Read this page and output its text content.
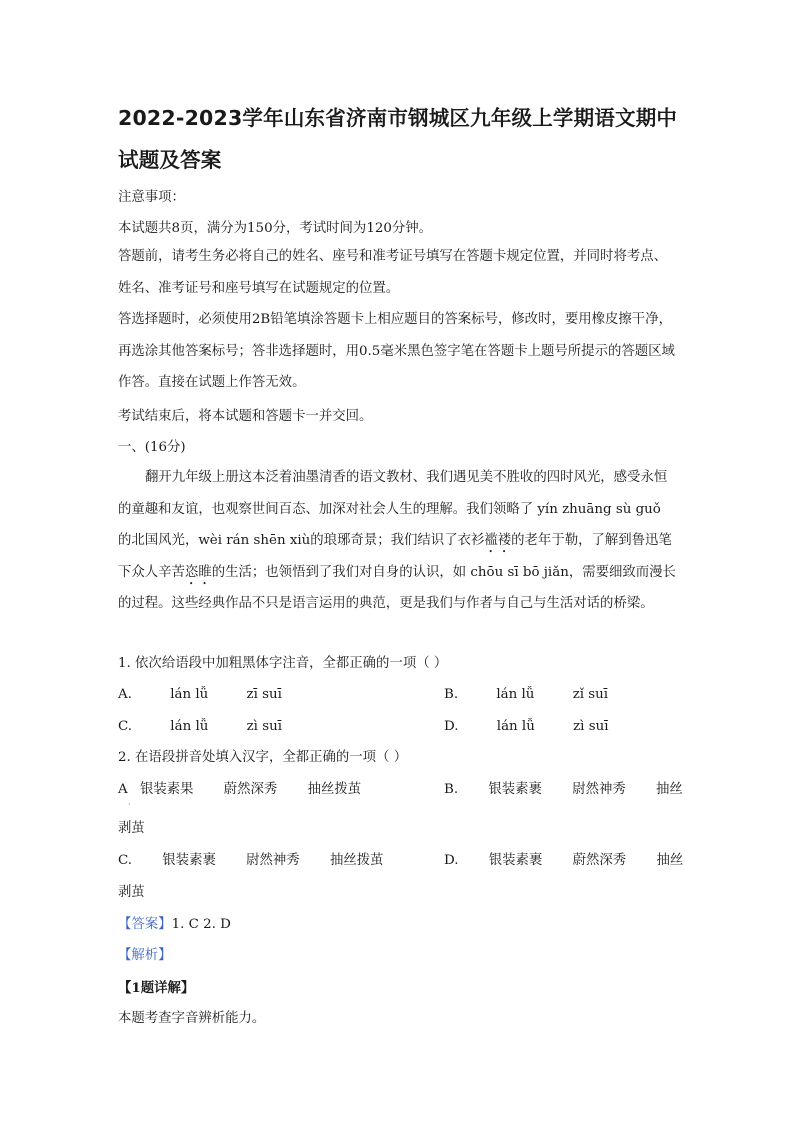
2022-2023学年山东省济南市钢城区九年级上学期语文期中
试题及答案
注意事项：
本试题共8页，满分为150分，考试时间为120分钟。

答题前，请考生务必将自己的姓名、座号和准考证号填写在答题卡规定位置，并同时将考点、姓名、准考证号和座号填写在试题规定的位置。

答选择题时，必须使用2B铅笔填涂答题卡上相应题目的答案标号，修改时，要用橡皮擦干净，再选涂其他答案标号；答非选择题时，用0.5毫米黑色签字笔在答题卡上题号所提示的答题区域作答。直接在试题上作答无效。

考试结束后，将本试题和答题卡一并交回。
一、(16分)

翻开九年级上册这本泛着油墨清香的语文教材、我们遇见美不胜收的四时风光，感受永恒的童趣和友谊，也观察世间百态、加深对社会人生的理解。我们领略了 yín zhuāng sù guǒ 的北国风光，wèi rán shēn xiù的琅琊奇景；我们结识了衣衫褴褛的老年于勒，了解到鲁迅笔下众人辛苦恣睢的生活；也领悟到了我们对自身的认识，如 chōu sī bō jiǎn，需要细致而漫长的过程。这些经典作品不只是语言运用的典范，更是我们与作者与自己与生活对话的桥梁。

1. 依次给语段中加粗黑体字注音，全都正确的一项（ ）
A.	lán lǚ	zī suī	B.	lán lǚ	zǐ suī
C.	lán lǚ	zì suī	D.	lán lǚ	zì suī
2. 在语段拼音处填入汉字，全都正确的一项（ ）
A 银装素果 蔚然深秀 抽丝拨茧
·
B. 银装素裹 尉然神秀 抽丝
剥茧
C. 银装素裹 尉然神秀 抽丝拨茧	D. 银装素裹 蔚然深秀 抽丝
剥茧
【答案】1. C 2. D
【解析】
【1题详解】
本题考查字音辨析能力。
